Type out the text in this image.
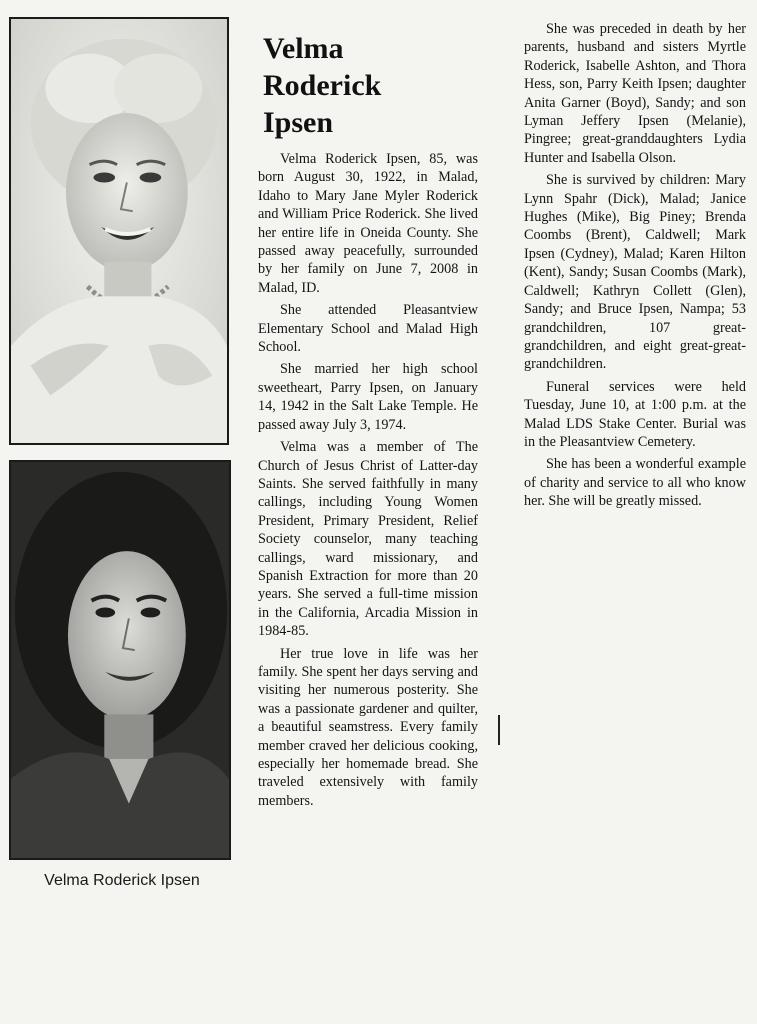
Velma Roderick Ipsen
Velma
Roderick
Ipsen

Velma Roderick Ipsen, 85, was born August 30, 1922, in Malad, Idaho to Mary Jane Myler Roderick and William Price Roderick. She lived her entire life in Oneida County. She passed away peacefully, surrounded by her family on June 7, 2008 in Malad, ID.

She attended Pleasantview Elementary School and Malad High School.

She married her high school sweetheart, Parry Ipsen, on January 14, 1942 in the Salt Lake Temple. He passed away July 3, 1974.

Velma was a member of The Church of Jesus Christ of Latter-day Saints. She served faithfully in many callings, including Young Women President, Primary President, Relief Society counselor, many teaching callings, ward missionary, and Spanish Extraction for more than 20 years. She served a full-time mission in the California, Arcadia Mission in 1984-85.

Her true love in life was her family. She spent her days serving and visiting her numerous posterity. She was a passionate gardener and quilter, a beautiful seamstress. Every family member craved her delicious cooking, especially her homemade bread. She traveled extensively with family members.

She was preceded in death by her parents, husband and sisters Myrtle Roderick, Isabelle Ashton, and Thora Hess, son, Parry Keith Ipsen; daughter Anita Garner (Boyd), Sandy; and son Lyman Jeffery Ipsen (Melanie), Pingree; great-granddaughters Lydia Hunter and Isabella Olson.

She is survived by children: Mary Lynn Spahr (Dick), Malad; Janice Hughes (Mike), Big Piney; Brenda Coombs (Brent), Caldwell; Mark Ipsen (Cydney), Malad; Karen Hilton (Kent), Sandy; Susan Coombs (Mark), Caldwell; Kathryn Collett (Glen), Sandy; and Bruce Ipsen, Nampa; 53 grandchildren, 107 great-grandchildren, and eight great-great-grandchildren.

Funeral services were held Tuesday, June 10, at 1:00 p.m. at the Malad LDS Stake Center. Burial was in the Pleasantview Cemetery.

She has been a wonderful example of charity and service to all who know her. She will be greatly missed.
